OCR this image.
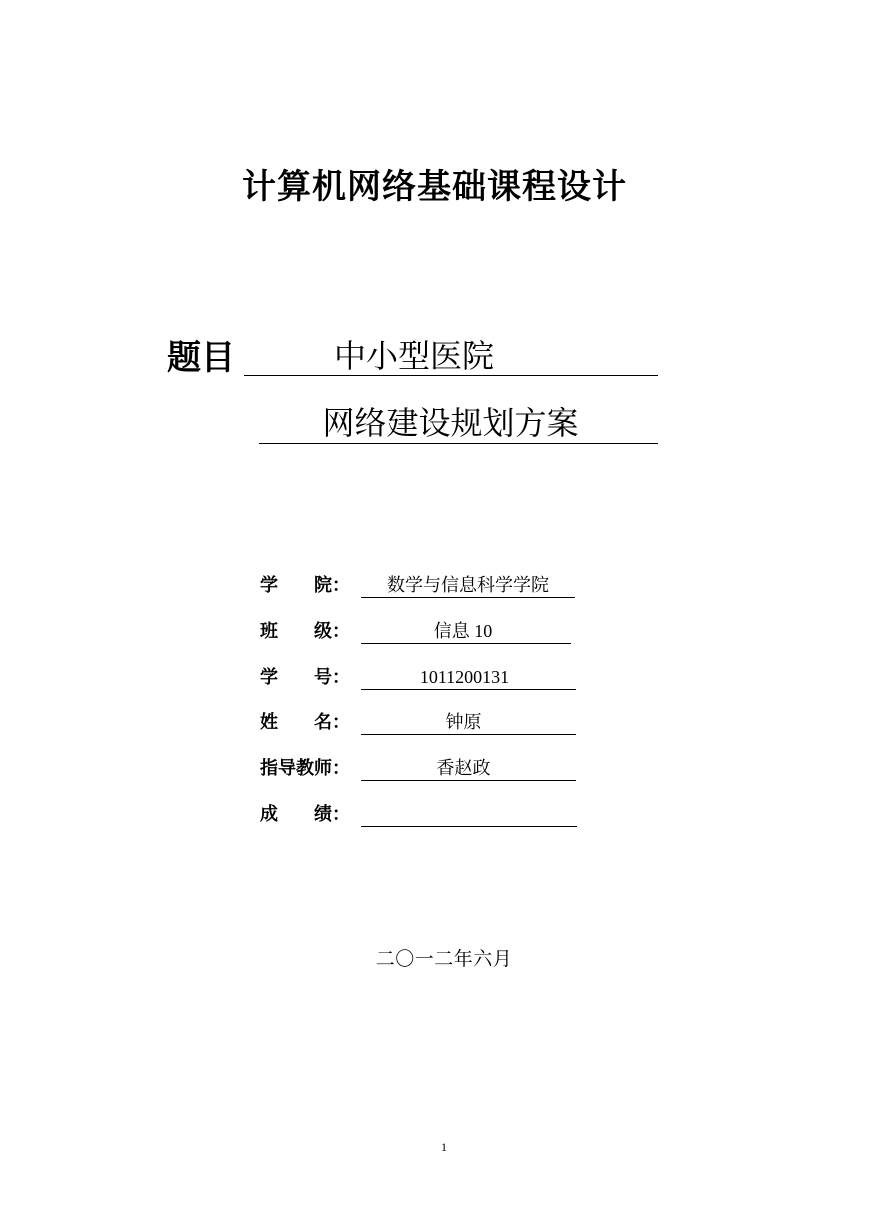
计算机网络基础课程设计
题目	中小型医院
网络建设规划方案
学　　院：	数学与信息科学学院
班　　级：	信息 10
学　　号：	1011200131
姓　　名：	钟原
指导教师：	香赵政
成　　绩：
二〇一二年六月
1
